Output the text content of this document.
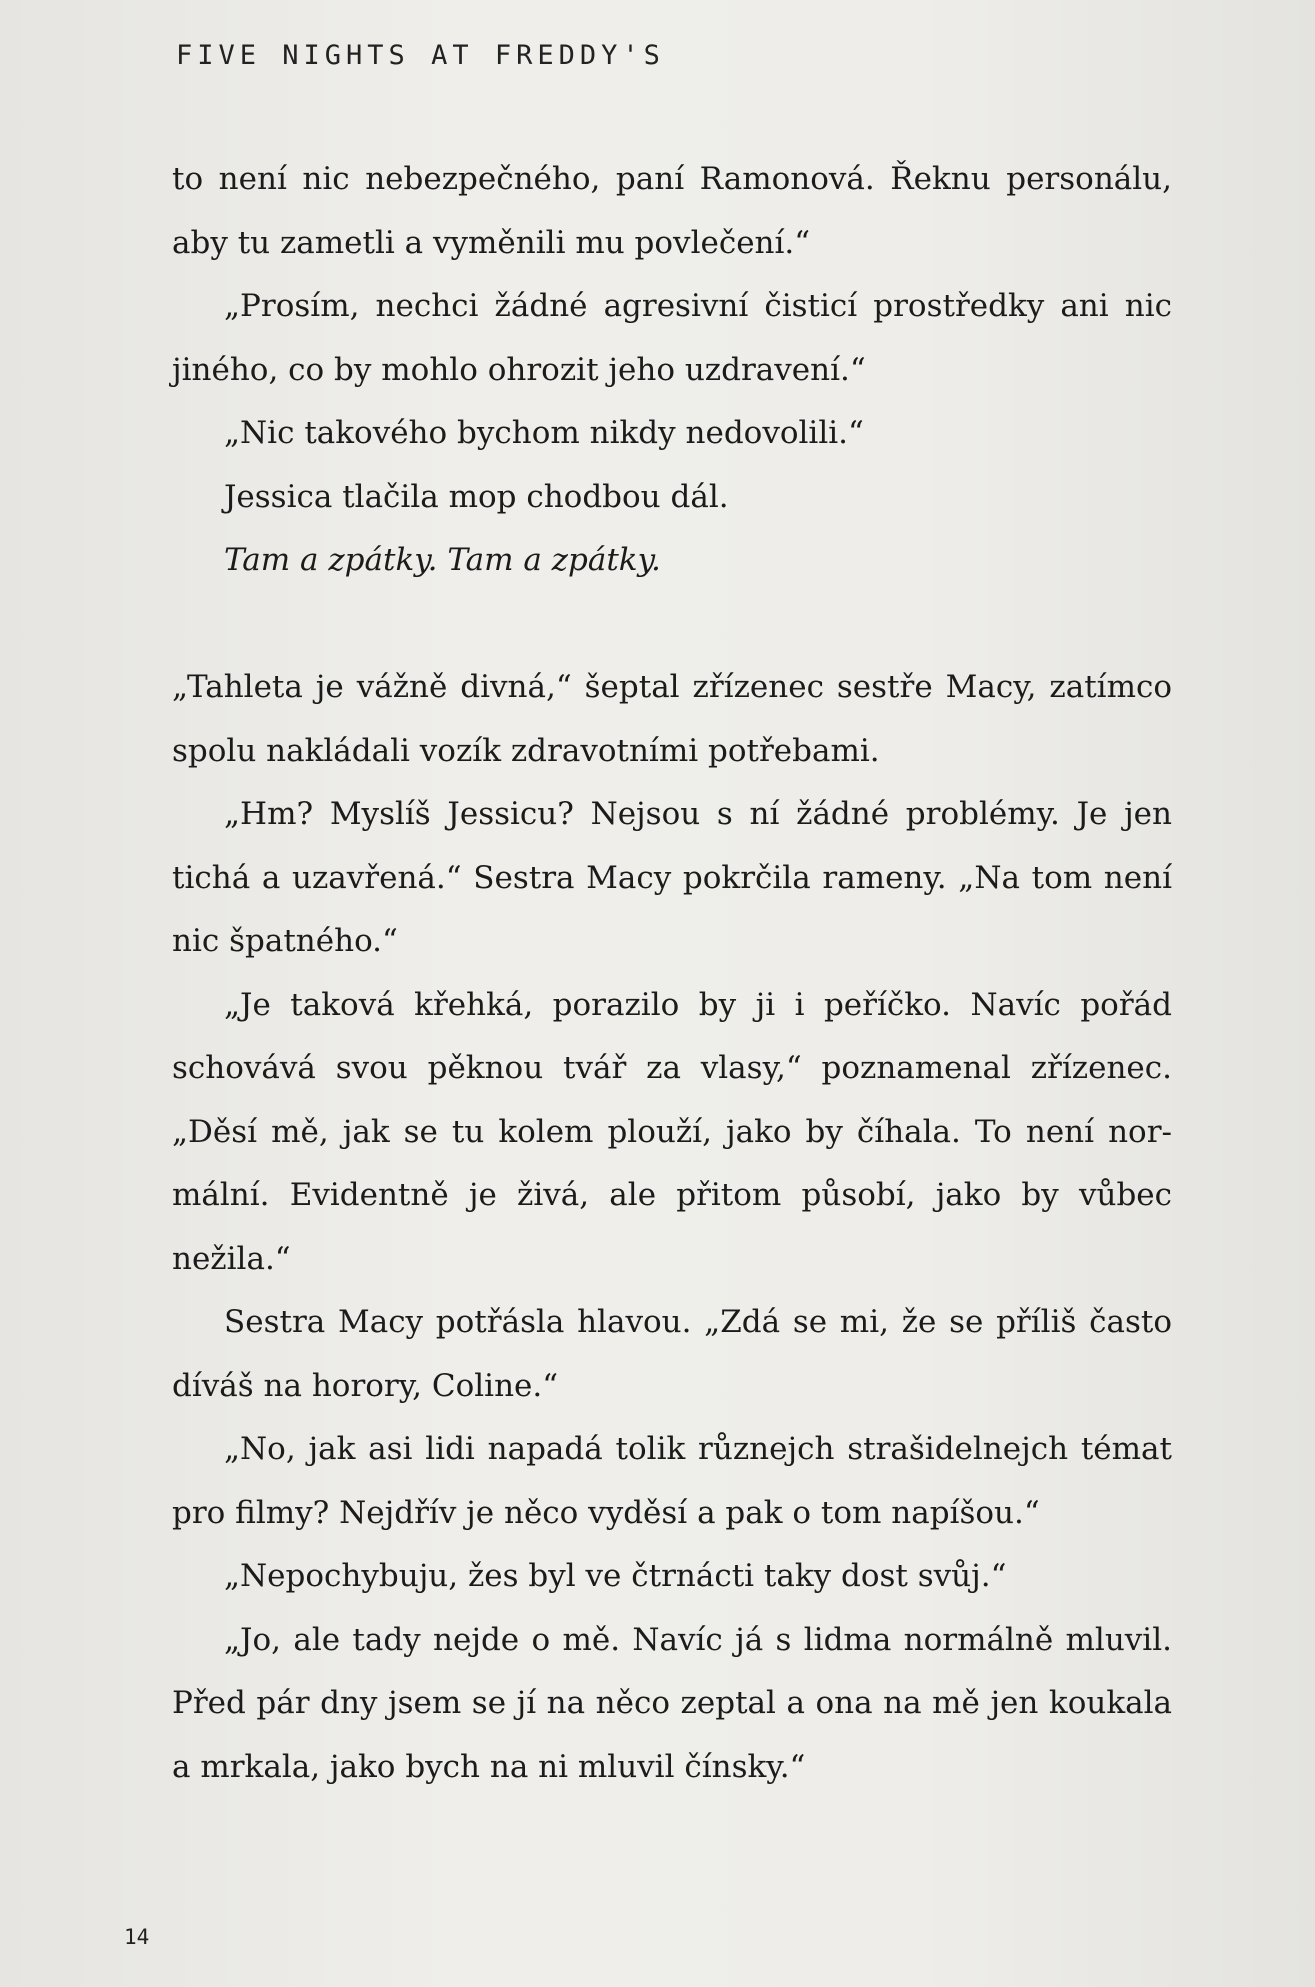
FIVE NIGHTS AT FREDDY'S
to není nic nebezpečného, paní Ramonová. Řeknu personálu,
aby tu zametli a vyměnili mu povlečení.“
„Prosím, nechci žádné agresivní čisticí prostředky ani nic
jiného, co by mohlo ohrozit jeho uzdravení.“
„Nic takového bychom nikdy nedovolili.“
Jessica tlačila mop chodbou dál.
Tam a zpátky. Tam a zpátky.
„Tahleta je vážně divná,“ šeptal zřízenec sestře Macy, zatímco
spolu nakládali vozík zdravotními potřebami.
„Hm? Myslíš Jessicu? Nejsou s ní žádné problémy. Je jen
tichá a uzavřená.“ Sestra Macy pokrčila rameny. „Na tom není
nic špatného.“
„Je taková křehká, porazilo by ji i peříčko. Navíc pořád
schovává svou pěknou tvář za vlasy,“ poznamenal zřízenec.
„Děsí mě, jak se tu kolem plouží, jako by číhala. To není nor-
mální. Evidentně je živá, ale přitom působí, jako by vůbec
nežila.“
Sestra Macy potřásla hlavou. „Zdá se mi, že se příliš často
díváš na horory, Coline.“
„No, jak asi lidi napadá tolik různejch strašidelnejch témat
pro filmy? Nejdřív je něco vyděsí a pak o tom napíšou.“
„Nepochybuju, žes byl ve čtrnácti taky dost svůj.“
„Jo, ale tady nejde o mě. Navíc já s lidma normálně mluvil.
Před pár dny jsem se jí na něco zeptal a ona na mě jen koukala
a mrkala, jako bych na ni mluvil čínsky.“
14
